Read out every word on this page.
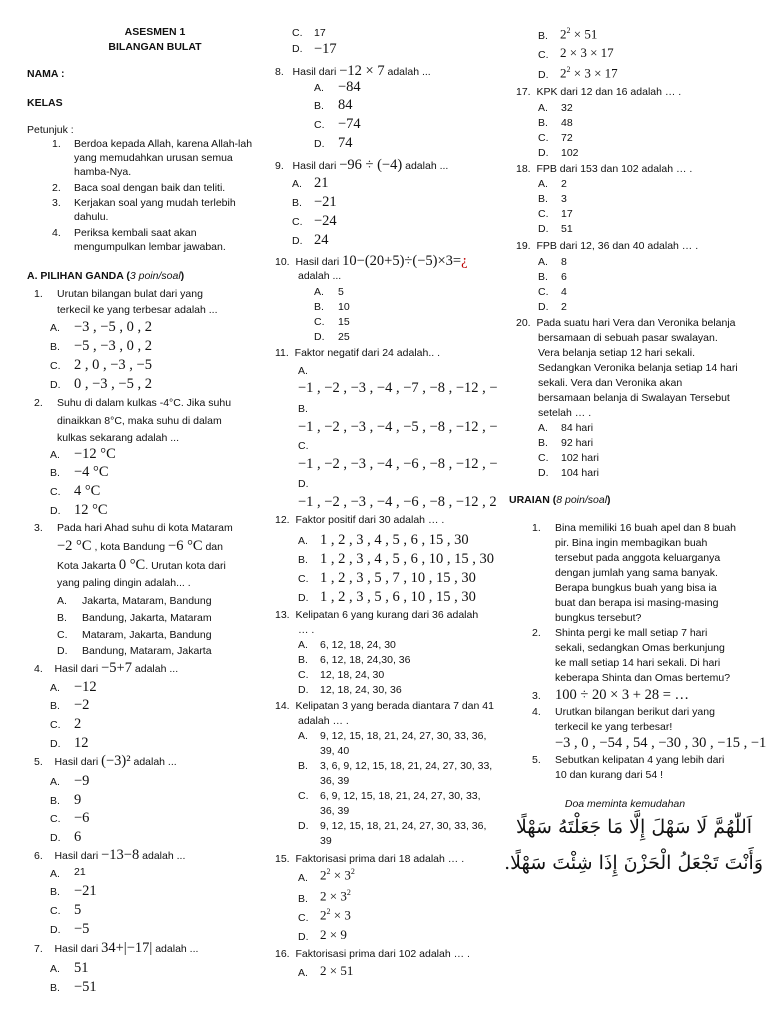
ASESMEN 1
BILANGAN BULAT
NAMA :
KELAS
Petunjuk :
1. Berdoa kepada Allah, karena Allah-lah
yang memudahkan urusan semua
hamba-Nya.
2. Baca soal dengan baik dan teliti.
3. Kerjakan soal yang mudah terlebih
dahulu.
4. Periksa kembali saat akan
mengumpulkan lembar jawaban.
A. PILIHAN GANDA (3 poin/soal)
1. Urutan bilangan bulat dari yang
terkecil ke yang terbesar adalah ...
A. −3 , −5 , 0 , 2
B. −5 , −3 , 0 , 2
C. 2 , 0 , −3 , −5
D. 0 , −3 , −5 , 2
2. Suhu di dalam kulkas -4°C. Jika suhu
dinaikkan 8°C, maka suhu di dalam
kulkas sekarang adalah ...
A. −12 °C
B. −4 °C
C. 4 °C
D. 12 °C
3. Pada hari Ahad suhu di kota Mataram
−2 °C , kota Bandung −6 °C dan
Kota Jakarta 0 °C. Urutan kota dari
yang paling dingin adalah... .
A. Jakarta, Mataram, Bandung
B. Bandung, Jakarta, Mataram
C. Mataram, Jakarta, Bandung
D. Bandung, Mataram, Jakarta
4. Hasil dari −5+7 adalah ...
A. −12
B. −2
C. 2
D. 12
5. Hasil dari (−3)² adalah ...
A. −9
B. 9
C. −6
D. 6
6. Hasil dari −13−8 adalah ...
A. 21
B. −21
C. 5
D. −5
7. Hasil dari 34+|−17| adalah ...
A. 51
B. −51
C. 17
D. −17
8. Hasil dari −12 × 7 adalah ...
A. −84
B. 84
C. −74
D. 74
9. Hasil dari −96 ÷ (−4) adalah ...
A. 21
B. −21
C. −24
D. 24
10. Hasil dari 10−(20+5)÷(−5)×3=¿
adalah ...
A. 5
B. 10
C. 15
D. 25
11. Faktor negatif dari 24 adalah.. .
A.
−1 , −2 , −3 , −4 , −7 , −8 , −12 , −
B.
−1 , −2 , −3 , −4 , −5 , −8 , −12 , −
C.
−1 , −2 , −3 , −4 , −6 , −8 , −12 , −
D.
−1 , −2 , −3 , −4 , −6 , −8 , −12 , 2
12. Faktor positif dari 30 adalah … .
A. 1 , 2 , 3 , 4 , 5 , 6 , 15 , 30
B. 1 , 2 , 3 , 4 , 5 , 6 , 10 , 15 , 30
C. 1 , 2 , 3 , 5 , 7 , 10 , 15 , 30
D. 1 , 2 , 3 , 5 , 6 , 10 , 15 , 30
13. Kelipatan 6 yang kurang dari 36 adalah
… .
A. 6, 12, 18, 24, 30
B. 6, 12, 18, 24,30, 36
C. 12, 18, 24, 30
D. 12, 18, 24, 30, 36
14. Kelipatan 3 yang berada diantara 7 dan 41
adalah … .
A. 9, 12, 15, 18, 21, 24, 27, 30, 33, 36,
39, 40
B. 3, 6, 9, 12, 15, 18, 21, 24, 27, 30, 33,
36, 39
C. 6, 9, 12, 15, 18, 21, 24, 27, 30, 33,
36, 39
D. 9, 12, 15, 18, 21, 24, 27, 30, 33, 36,
39
15. Faktorisasi prima dari 18 adalah … .
A. $2^2 \times 3^2$
B. $2 \times 3^2$
C. $2^2 \times 3$
D. 2 × 9
16. Faktorisasi prima dari 102 adalah … .
A. 2 × 51
B. $2^2 \times 51$
C. 2 × 3 × 17
D. $2^2 \times 3 \times 17$
17. KPK dari 12 dan 16 adalah … .
A. 32
B. 48
C. 72
D. 102
18. FPB dari 153 dan 102 adalah … .
A. 2
B. 3
C. 17
D. 51
19. FPB dari 12, 36 dan 40 adalah … .
A. 8
B. 6
C. 4
D. 2
20. Pada suatu hari Vera dan Veronika belanja
bersamaan di sebuah pasar swalayan.
Vera belanja setiap 12 hari sekali.
Sedangkan Veronika belanja setiap 14 hari
sekali. Vera dan Veronika akan
bersamaan belanja di Swalayan Tersebut
setelah … .
A. 84 hari
B. 92 hari
C. 102 hari
D. 104 hari
URAIAN (8 poin/soal)
1. Bina memiliki 16 buah apel dan 8 buah
pir. Bina ingin membagikan buah
tersebut pada anggota keluarganya
dengan jumlah yang sama banyak.
Berapa bungkus buah yang bisa ia
buat dan berapa isi masing-masing
bungkus tersebut?
2. Shinta pergi ke mall setiap 7 hari
sekali, sedangkan Omas berkunjung
ke mall setiap 14 hari sekali. Di hari
keberapa Shinta dan Omas bertemu?
3. 100 ÷ 20 × 3 + 28 = …
4. Urutkan bilangan berikut dari yang
terkecil ke yang terbesar!
−3 , 0 , −54 , 54 , −30 , 30 , −15 , −1
5. Sebutkan kelipatan 4 yang lebih dari
10 dan kurang dari 54 !
Doa meminta kemudahan
اَللّٰهُمَّ لَا سَهْلَ إِلَّا مَا جَعَلْتَهُ سَهْلًا
وَأَنْتَ تَجْعَلُ الْحَزْنَ إِذَا شِئْتَ سَهْلًا.
